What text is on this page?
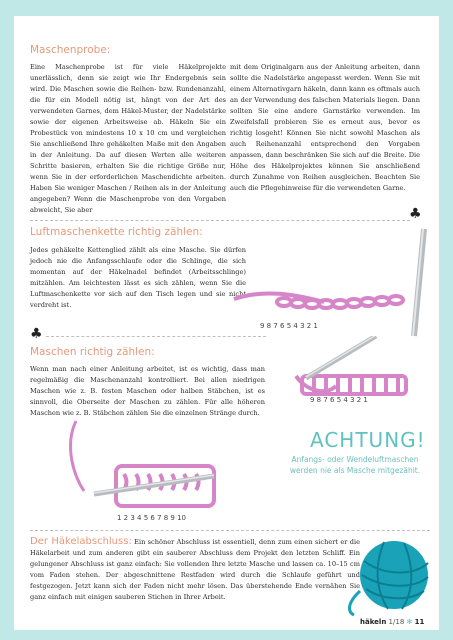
Maschenprobe:
Eine Maschenprobe ist für viele Häkelprojekte unerlässlich, denn sie zeigt wie Ihr Endergebnis sein wird. Die Maschen sowie die Reihen- bzw. Rundenanzahl, die für ein Modell nötig ist, hängt von der Art des verwendeten Garnes, dem Häkel-Muster, der Nadelstärke sowie der eigenen Arbeitsweise ab. Häkeln Sie ein Probestück von mindestens 10 x 10 cm und vergleichen Sie anschließend Ihre gehäkelten Maße mit den Angaben in der Anleitung. Da auf diesen Werten alle weiteren Schritte basieren, erhalten Sie die richtige Größe nur, wenn Sie in der erforderlichen Maschendichte arbeiten. Haben Sie weniger Maschen / Reihen als in der Anleitung angegeben? Wenn die Maschenprobe von den Vorgaben abweicht, Sie aber
mit dem Originalgarn aus der Anleitung arbeiten, dann sollte die Nadelstärke angepasst werden. Wenn Sie mit einem Alternativgarn häkeln, dann kann es oftmals auch an der Verwendung des falschen Materials liegen. Dann sollten Sie eine andere Garnstärke verwenden. Im Zweifelsfall probieren Sie es erneut aus, bevor es richtig losgeht! Können Sie nicht sowohl Maschen als auch Reihenanzahl entsprechend den Vorgaben anpassen, dann beschränken Sie sich auf die Breite. Die Höhe des Häkelprojektes können Sie anschließend durch Zunahme von Reihen ausgleichen. Beachten Sie auch die Pflegehinweise für die verwendeten Garne.
♣
Luftmaschenkette richtig zählen:
Jedes gehäkelte Kettenglied zählt als eine Masche. Sie dürfen jedoch nie die Anfangsschlaufe oder die Schlinge, die sich momentan auf der Häkelnadel befindet (Arbeitsschlinge) mitzählen. Am leichtesten lässt es sich zählen, wenn Sie die Luftmaschenkette vor sich auf den Tisch legen und sie nicht verdreht ist.
9 8 7 6 5 4 3 2 1
♣
Maschen richtig zählen:
Wenn man nach einer Anleitung arbeitet, ist es wichtig, dass man regelmäßig die Maschenanzahl kontrolliert. Bei allen niedrigen Maschen wie z. B. festen Maschen oder halben Stäbchen, ist es sinnvoll, die Oberseite der Maschen zu zählen. Für alle höheren Maschen wie z. B. Stäbchen zählen Sie die einzelnen Stränge durch.
9 8 7 6 5 4 3 2 1
1 2 3 4 5 6 7 8 9 10
ACHTUNG!
Anfangs- oder Wendeluftmaschen
werden nie als Masche mitgezählt.
Der Häkelabschluss: Ein schöner Abschluss ist essentiell, denn zum einen sichert er die Häkelarbeit und zum anderen gibt ein sauberer Abschluss dem Projekt den letzten Schliff. Ein gelungener Abschluss ist ganz einfach: Sie vollenden Ihre letzte Masche und lassen ca. 10–15 cm vom Faden stehen. Der abgeschnittene Restfaden wird durch die Schlaufe geführt und festgezogen. Jetzt kann sich der Faden nicht mehr lösen. Das überstehende Ende vernähen Sie ganz einfach mit einigen sauberen Stichen in Ihrer Arbeit.
häkeln 1/18 ✻ 11
